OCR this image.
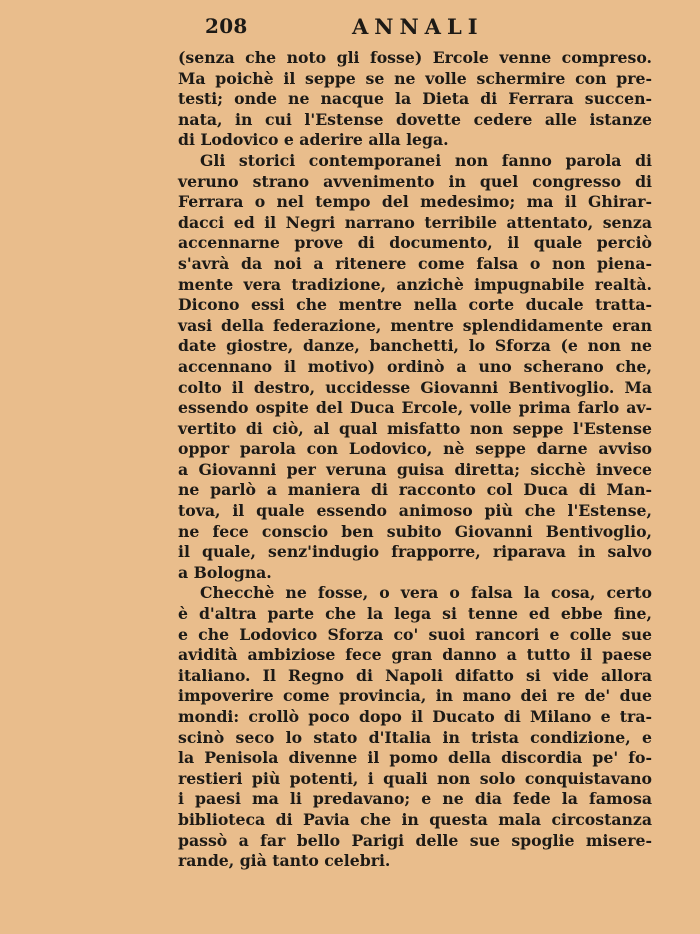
208	ANNALI
(senza che noto gli fosse) Ercole venne compreso.
Ma poichè il seppe se ne volle schermire con pre-
testi; onde ne nacque la Dieta di Ferrara succen-
nata, in cui l'Estense dovette cedere alle istanze
di Lodovico e aderire alla lega.
Gli storici contemporanei non fanno parola di
veruno strano avvenimento in quel congresso di
Ferrara o nel tempo del medesimo; ma il Ghirar-
dacci ed il Negri narrano terribile attentato, senza
accennarne prove di documento, il quale perciò
s'avrà da noi a ritenere come falsa o non piena-
mente vera tradizione, anzichè impugnabile realtà.
Dicono essi che mentre nella corte ducale tratta-
vasi della federazione, mentre splendidamente eran
date giostre, danze, banchetti, lo Sforza (e non ne
accennano il motivo) ordinò a uno scherano che,
colto il destro, uccidesse Giovanni Bentivoglio. Ma
essendo ospite del Duca Ercole, volle prima farlo av-
vertito di ciò, al qual misfatto non seppe l'Estense
oppor parola con Lodovico, nè seppe darne avviso
a Giovanni per veruna guisa diretta; sicchè invece
ne parlò a maniera di racconto col Duca di Man-
tova, il quale essendo animoso più che l'Estense,
ne fece conscio ben subito Giovanni Bentivoglio,
il quale, senz'indugio frapporre, riparava in salvo
a Bologna.
Checchè ne fosse, o vera o falsa la cosa, certo
è d'altra parte che la lega si tenne ed ebbe fine,
e che Lodovico Sforza co' suoi rancori e colle sue
avidità ambiziose fece gran danno a tutto il paese
italiano. Il Regno di Napoli difatto si vide allora
impoverire come provincia, in mano dei re de' due
mondi: crollò poco dopo il Ducato di Milano e tra-
scinò seco lo stato d'Italia in trista condizione, e
la Penisola divenne il pomo della discordia pe' fo-
restieri più potenti, i quali non solo conquistavano
i paesi ma li predavano; e ne dia fede la famosa
biblioteca di Pavia che in questa mala circostanza
passò a far bello Parigi delle sue spoglie misere-
rande, già tanto celebri.
